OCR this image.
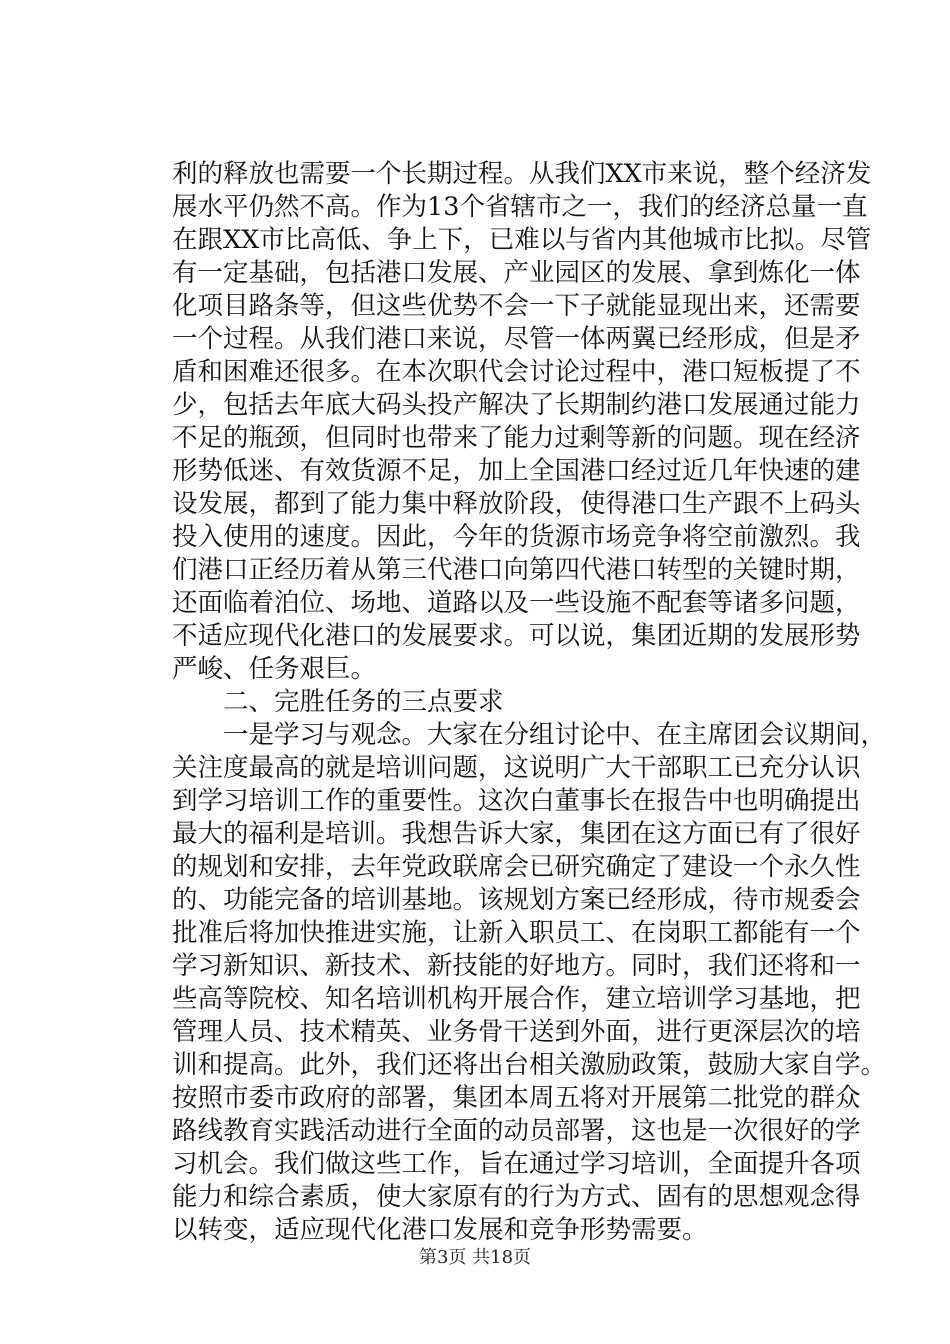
利的释放也需要一个长期过程。从我们XX市来说，整个经济发
展水平仍然不高。作为13个省辖市之一，我们的经济总量一直
在跟XX市比高低、争上下，已难以与省内其他城市比拟。尽管
有一定基础，包括港口发展、产业园区的发展、拿到炼化一体
化项目路条等，但这些优势不会一下子就能显现出来，还需要
一个过程。从我们港口来说，尽管一体两翼已经形成，但是矛
盾和困难还很多。在本次职代会讨论过程中，港口短板提了不
少，包括去年底大码头投产解决了长期制约港口发展通过能力
不足的瓶颈，但同时也带来了能力过剩等新的问题。现在经济
形势低迷、有效货源不足，加上全国港口经过近几年快速的建
设发展，都到了能力集中释放阶段，使得港口生产跟不上码头
投入使用的速度。因此，今年的货源市场竞争将空前激烈。我
们港口正经历着从第三代港口向第四代港口转型的关键时期，
还面临着泊位、场地、道路以及一些设施不配套等诸多问题，
不适应现代化港口的发展要求。可以说，集团近期的发展形势
严峻、任务艰巨。
二、完胜任务的三点要求
一是学习与观念。大家在分组讨论中、在主席团会议期间，
关注度最高的就是培训问题，这说明广大干部职工已充分认识
到学习培训工作的重要性。这次白董事长在报告中也明确提出
最大的福利是培训。我想告诉大家，集团在这方面已有了很好
的规划和安排，去年党政联席会已研究确定了建设一个永久性
的、功能完备的培训基地。该规划方案已经形成，待市规委会
批准后将加快推进实施，让新入职员工、在岗职工都能有一个
学习新知识、新技术、新技能的好地方。同时，我们还将和一
些高等院校、知名培训机构开展合作，建立培训学习基地，把
管理人员、技术精英、业务骨干送到外面，进行更深层次的培
训和提高。此外，我们还将出台相关激励政策，鼓励大家自学。
按照市委市政府的部署，集团本周五将对开展第二批党的群众
路线教育实践活动进行全面的动员部署，这也是一次很好的学
习机会。我们做这些工作，旨在通过学习培训，全面提升各项
能力和综合素质，使大家原有的行为方式、固有的思想观念得
以转变，适应现代化港口发展和竞争形势需要。
第3页 共18页
